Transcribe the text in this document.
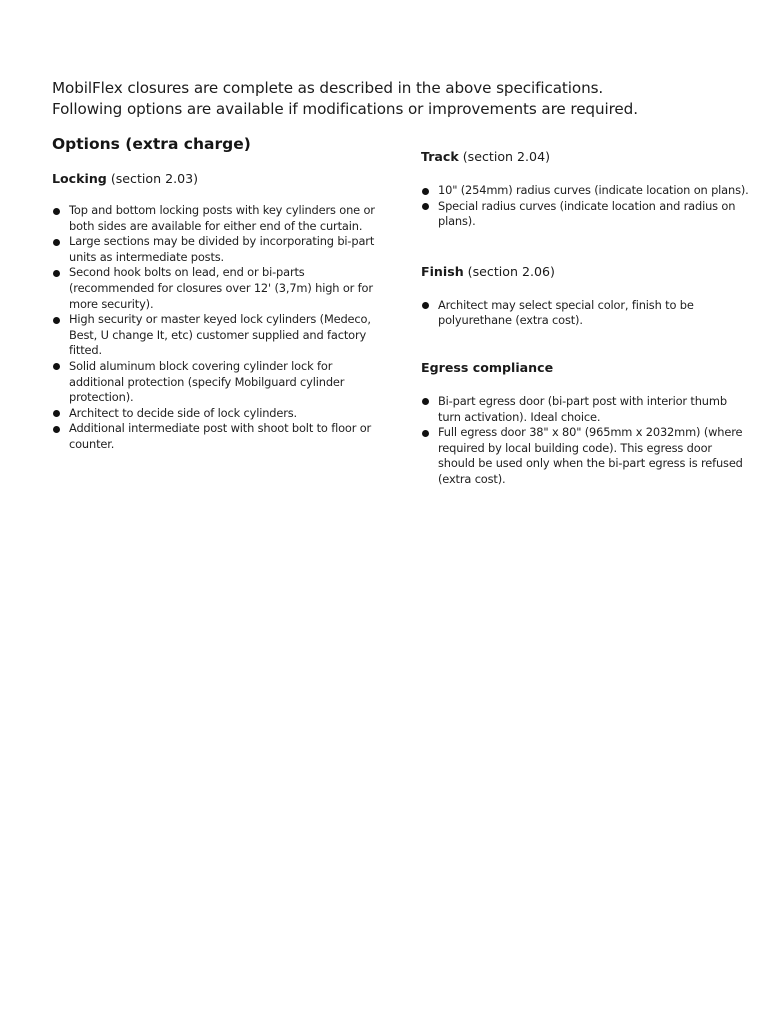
MobilFlex closures are complete as described in the above specifications.

Following options are available if modifications or improvements are required.

Options (extra charge)

Locking (section 2.03)

Top and bottom locking posts with key cylinders one or both sides are available for either end of the curtain.
Large sections may be divided by incorporating bi-part units as intermediate posts.
Second hook bolts on lead, end or bi-parts (recommended for closures over 12' (3,7m) high or for more security).
High security or master keyed lock cylinders (Medeco, Best, U change It, etc) customer supplied and factory fitted.
Solid aluminum block covering cylinder lock for additional protection (specify Mobilguard cylinder protection).
Architect to decide side of lock cylinders.
Additional intermediate post with shoot bolt to floor or counter.

Track (section 2.04)

10" (254mm) radius curves (indicate location on plans).
Special radius curves (indicate location and radius on plans).

Finish (section 2.06)

Architect may select special color, finish to be polyurethane (extra cost).

Egress compliance

Bi-part egress door (bi-part post with interior thumb turn activation). Ideal choice.
Full egress door 38" x 80" (965mm x 2032mm) (where required by local building code). This egress door should be used only when the bi-part egress is refused (extra cost).
